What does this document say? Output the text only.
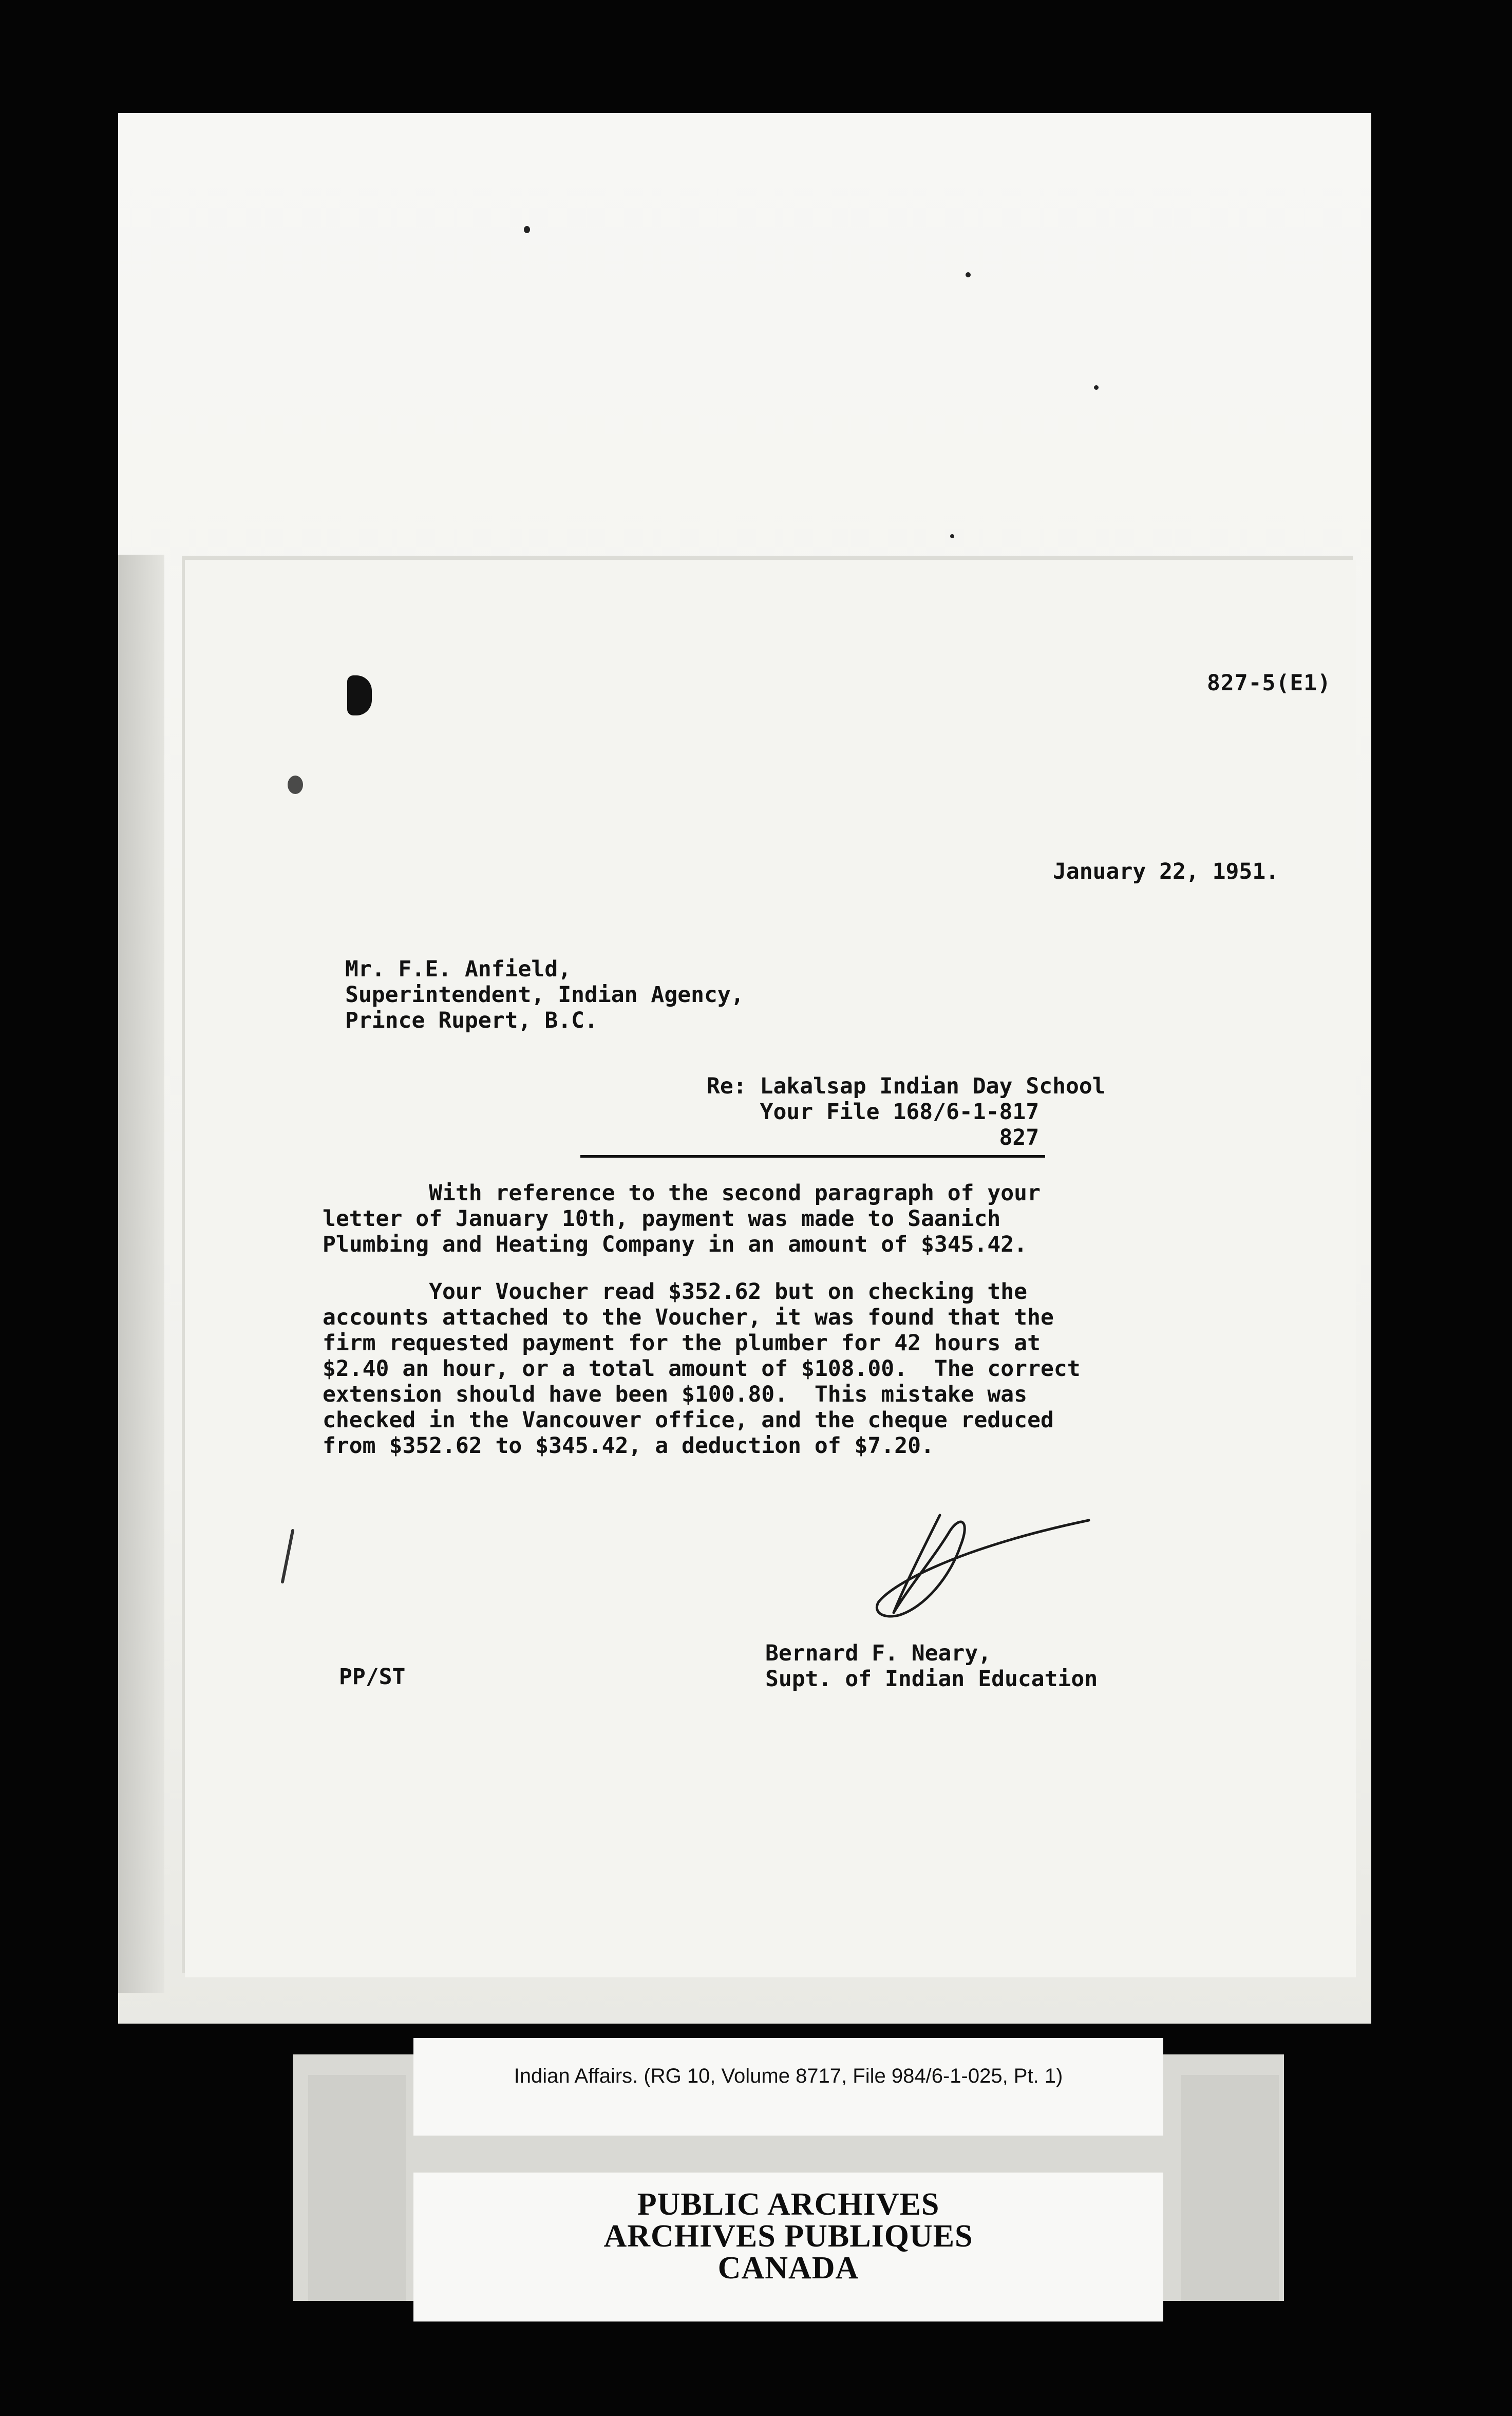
827-5(E1)
January 22, 1951.
Mr. F.E. Anfield,
Superintendent, Indian Agency,
Prince Rupert, B.C.
Re: Lakalsap Indian Day School
Your File 168/6-1-817
827
With reference to the second paragraph of your
letter of January 10th, payment was made to Saanich
Plumbing and Heating Company in an amount of $345.42.
Your Voucher read $352.62 but on checking the
accounts attached to the Voucher, it was found that the
firm requested payment for the plumber for 42 hours at
$2.40 an hour, or a total amount of $108.00.  The correct
extension should have been $100.80.  This mistake was
checked in the Vancouver office, and the cheque reduced
from $352.62 to $345.42, a deduction of $7.20.
Bernard F. Neary,
Supt. of Indian Education
PP/ST
Indian Affairs. (RG 10, Volume 8717, File 984/6-1-025, Pt. 1)
PUBLIC ARCHIVES
ARCHIVES PUBLIQUES
CANADA
